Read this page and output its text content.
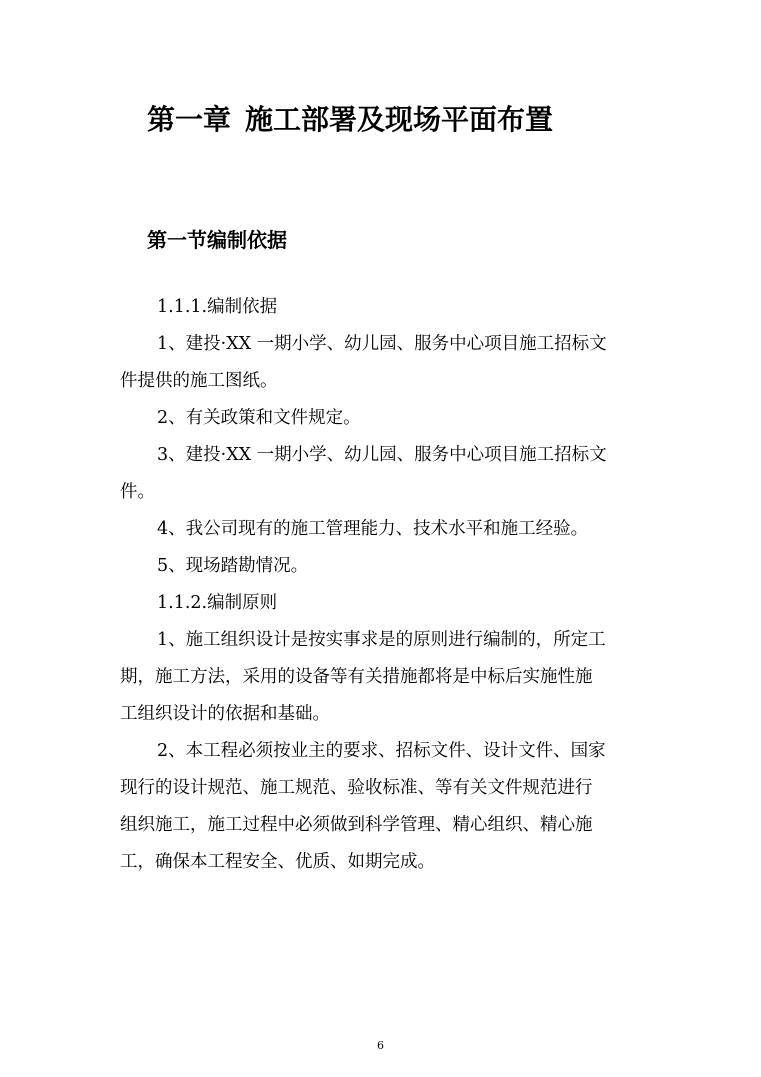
第一章 施工部署及现场平面布置
第一节编制依据
1.1.1.编制依据
1、建投·XX 一期小学、幼儿园、服务中心项目施工招标文
件提供的施工图纸。
2、有关政策和文件规定。
3、建投·XX 一期小学、幼儿园、服务中心项目施工招标文
件。
4、我公司现有的施工管理能力、技术水平和施工经验。
5、现场踏勘情况。
1.1.2.编制原则
1、施工组织设计是按实事求是的原则进行编制的，所定工
期，施工方法，采用的设备等有关措施都将是中标后实施性施
工组织设计的依据和基础。
2、本工程必须按业主的要求、招标文件、设计文件、国家
现行的设计规范、施工规范、验收标准、等有关文件规范进行
组织施工，施工过程中必须做到科学管理、精心组织、精心施
工，确保本工程安全、优质、如期完成。
6
